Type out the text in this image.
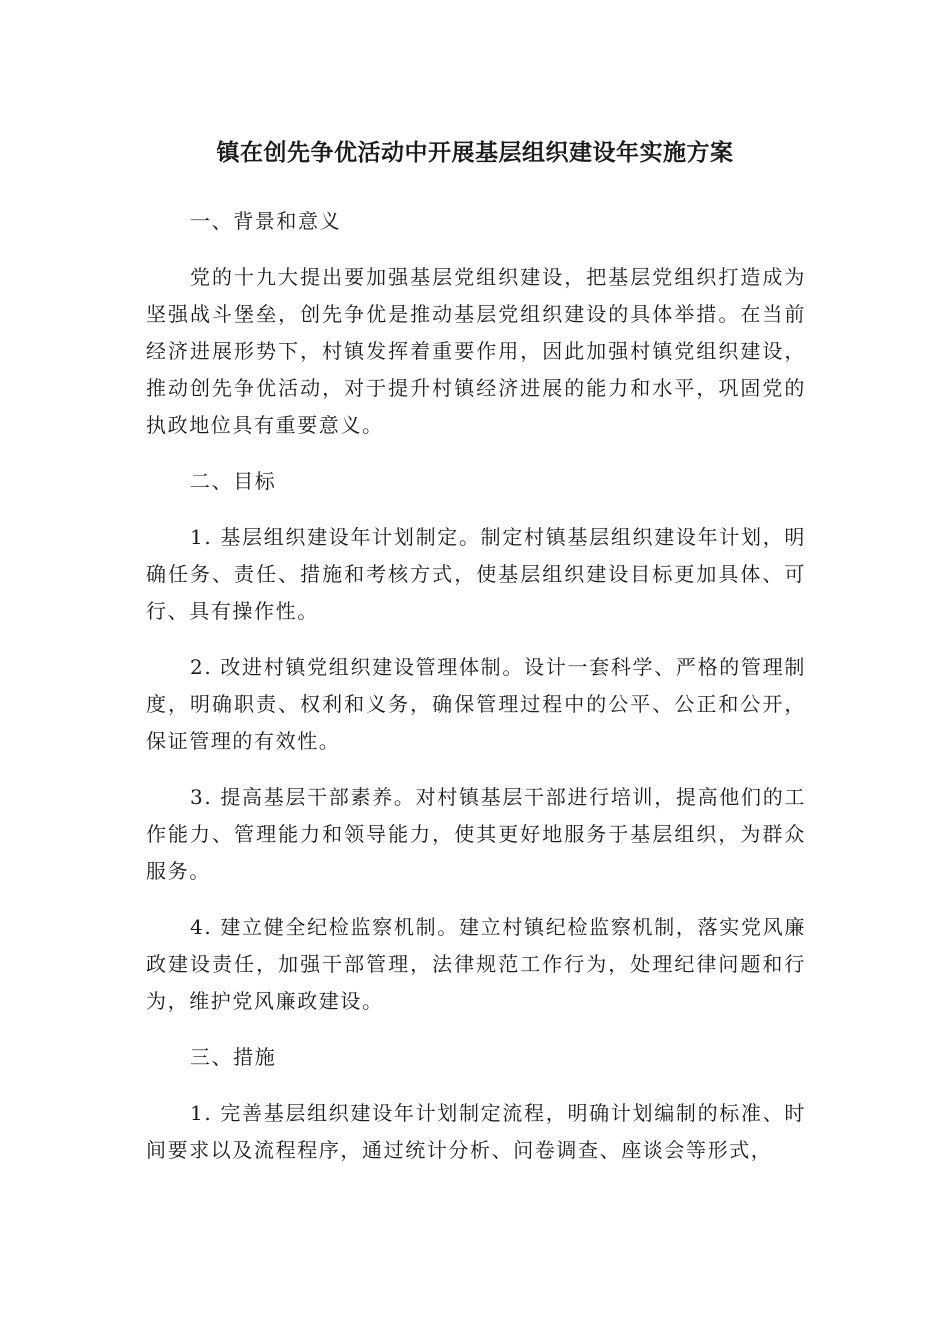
镇在创先争优活动中开展基层组织建设年实施方案

一、背景和意义

党的十九大提出要加强基层党组织建设，把基层党组织打造成为坚强战斗堡垒，创先争优是推动基层党组织建设的具体举措。在当前经济进展形势下，村镇发挥着重要作用，因此加强村镇党组织建设，推动创先争优活动，对于提升村镇经济进展的能力和水平，巩固党的执政地位具有重要意义。

二、目标

1. 基层组织建设年计划制定。制定村镇基层组织建设年计划，明确任务、责任、措施和考核方式，使基层组织建设目标更加具体、可行、具有操作性。

2. 改进村镇党组织建设管理体制。设计一套科学、严格的管理制度，明确职责、权利和义务，确保管理过程中的公平、公正和公开，保证管理的有效性。

3. 提高基层干部素养。对村镇基层干部进行培训，提高他们的工作能力、管理能力和领导能力，使其更好地服务于基层组织，为群众服务。

4. 建立健全纪检监察机制。建立村镇纪检监察机制，落实党风廉政建设责任，加强干部管理，法律规范工作行为，处理纪律问题和行为，维护党风廉政建设。

三、措施

1. 完善基层组织建设年计划制定流程，明确计划编制的标准、时间要求以及流程程序，通过统计分析、问卷调查、座谈会等形式，
